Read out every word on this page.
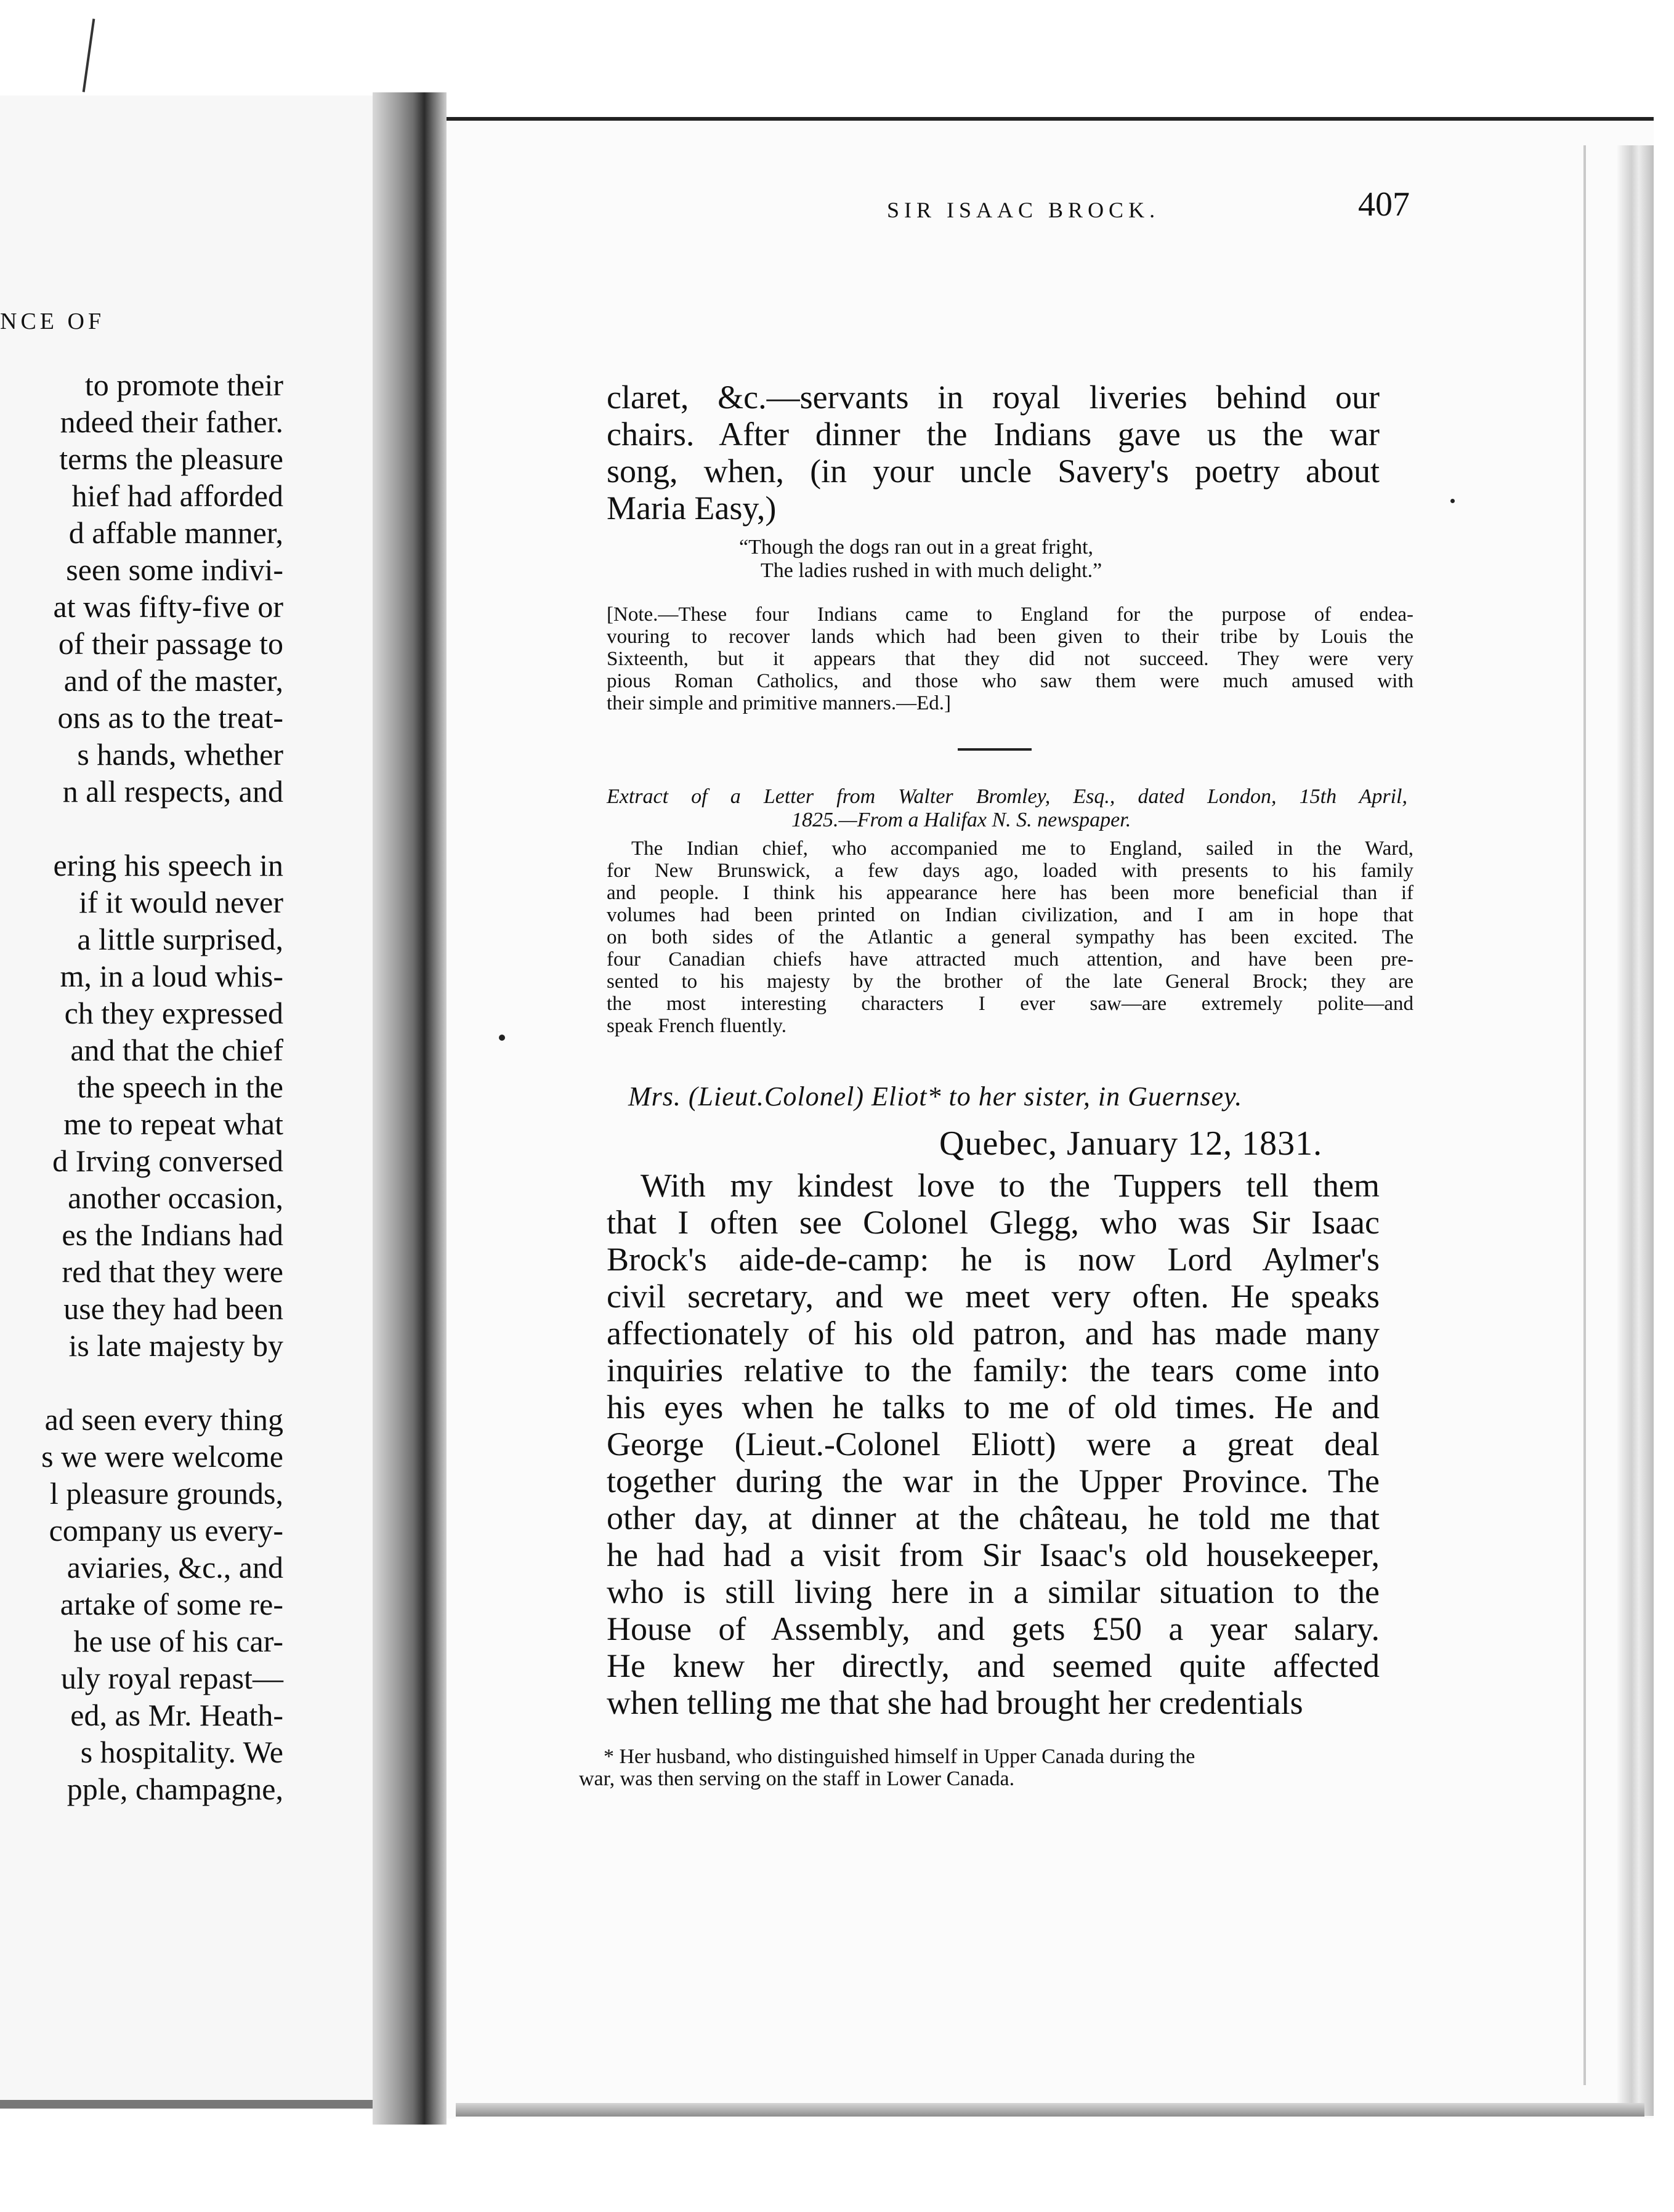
NCE OF
to promote their
ndeed their father.
terms the pleasure
hief had afforded
d affable manner,
seen some indivi-
at was fifty-five or
of their passage to
and of the master,
ons as to the treat-
s hands, whether
n all respects, and
ering his speech in
if it would never
a little surprised,
m, in a loud whis-
ch they expressed
and that the chief
the speech in the
me to repeat what
d Irving conversed
another occasion,
es the Indians had
red that they were
use they had been
is late majesty by
ad seen every thing
s we were welcome
l pleasure grounds,
company us every-
aviaries, &c., and
artake of some re-
he use of his car-
uly royal repast—
ed, as Mr. Heath-
s hospitality. We
pple, champagne,
SIR ISAAC BROCK.	407
claret, &c.—servants in royal liveries behind our
chairs. After dinner the Indians gave us the war
song, when, (in your uncle Savery's poetry about
Maria Easy,)
“Though the dogs ran out in a great fright,
The ladies rushed in with much delight.”
[Note.—These four Indians came to England for the purpose of endea-
vouring to recover lands which had been given to their tribe by Louis the
Sixteenth, but it appears that they did not succeed. They were very
pious Roman Catholics, and those who saw them were much amused with
their simple and primitive manners.—Ed.]
Extract of a Letter from Walter Bromley, Esq., dated London, 15th April,
1825.—From a Halifax N. S. newspaper.
The Indian chief, who accompanied me to England, sailed in the Ward,
for New Brunswick, a few days ago, loaded with presents to his family
and people. I think his appearance here has been more beneficial than if
volumes had been printed on Indian civilization, and I am in hope that
on both sides of the Atlantic a general sympathy has been excited. The
four Canadian chiefs have attracted much attention, and have been pre-
sented to his majesty by the brother of the late General Brock; they are
the most interesting characters I ever saw—are extremely polite—and
speak French fluently.
Mrs. (Lieut.Colonel) Eliot* to her sister, in Guernsey.
Quebec, January 12, 1831.
With my kindest love to the Tuppers tell them
that I often see Colonel Glegg, who was Sir Isaac
Brock's aide-de-camp: he is now Lord Aylmer's
civil secretary, and we meet very often. He speaks
affectionately of his old patron, and has made many
inquiries relative to the family: the tears come into
his eyes when he talks to me of old times. He and
George (Lieut.-Colonel Eliott) were a great deal
together during the war in the Upper Province. The
other day, at dinner at the château, he told me that
he had had a visit from Sir Isaac's old housekeeper,
who is still living here in a similar situation to the
House of Assembly, and gets £50 a year salary.
He knew her directly, and seemed quite affected
when telling me that she had brought her credentials
* Her husband, who distinguished himself in Upper Canada during the
war, was then serving on the staff in Lower Canada.
